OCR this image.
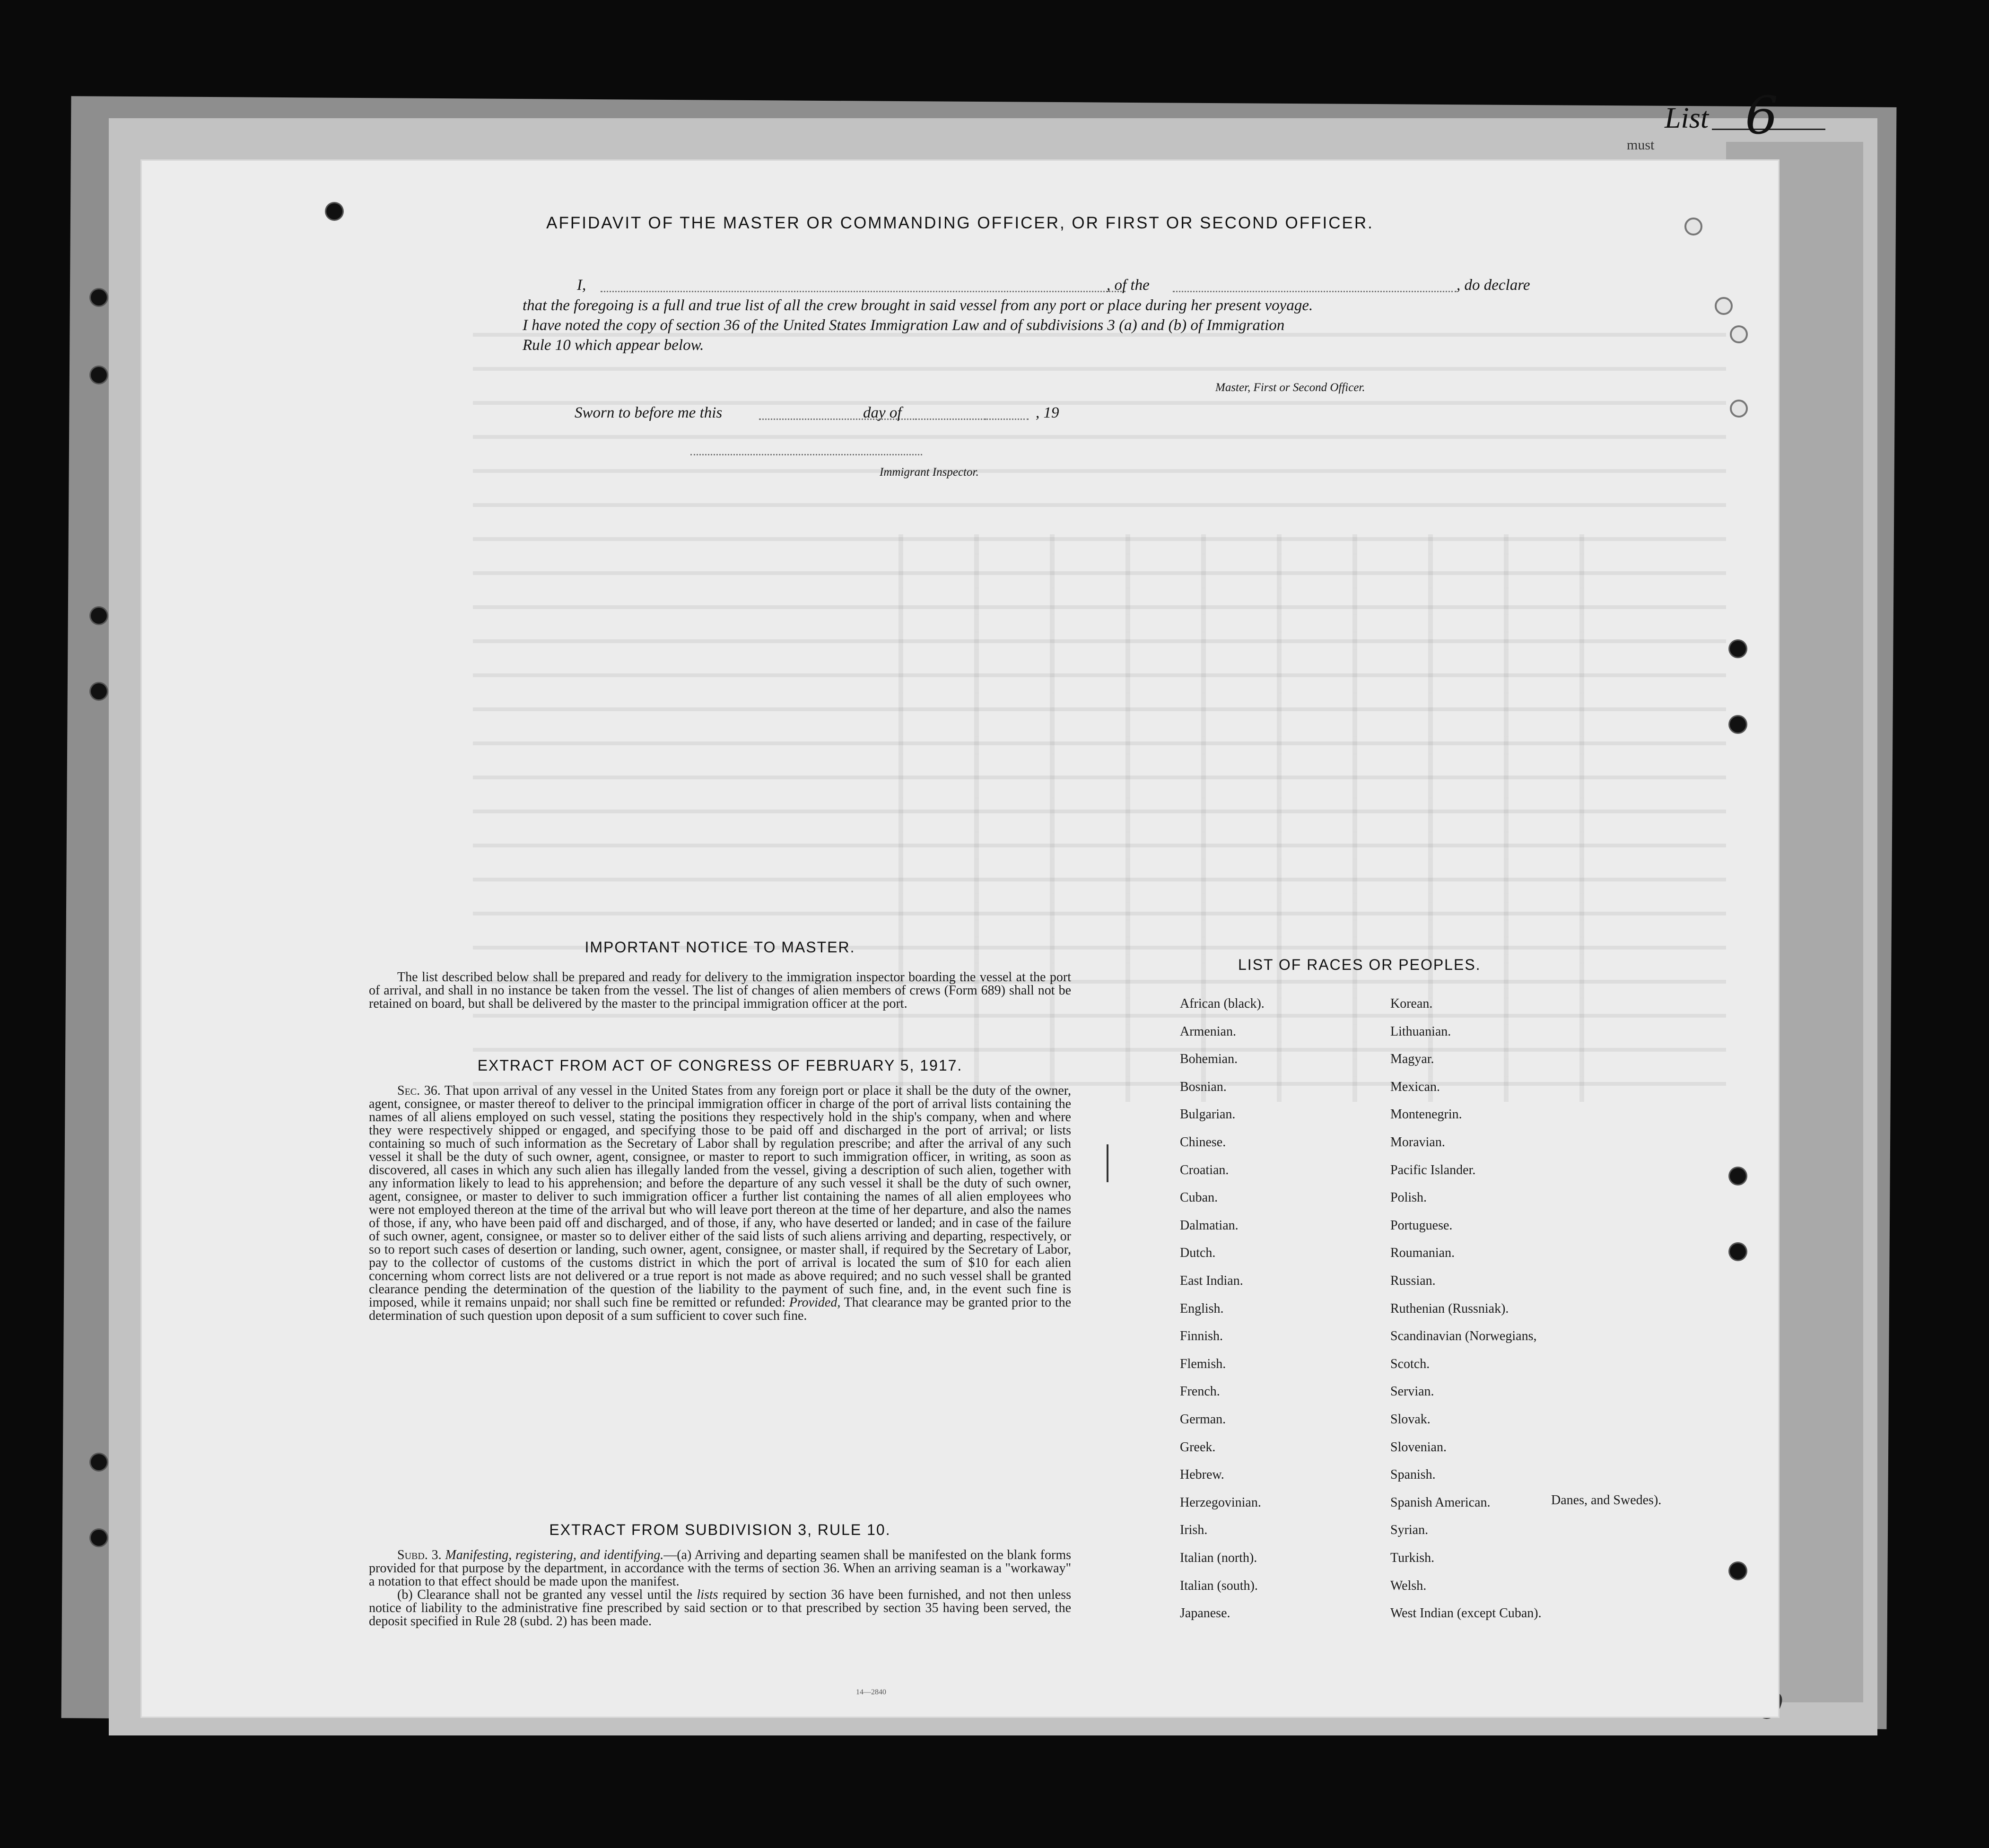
List 6
must
AFFIDAVIT OF THE MASTER OR COMMANDING OFFICER, OR FIRST OR SECOND OFFICER.
I,	, of the	, do declare
that the foregoing is a full and true list of all the crew brought in said vessel from any port or place during her present voyage.
I have noted the copy of section 36 of the United States Immigration Law and of subdivisions 3 (a) and (b) of Immigration
Rule 10 which appear below.
Master, First or Second Officer.
Sworn to before me this	day of	, 19
Immigrant Inspector.
IMPORTANT NOTICE TO MASTER.

The list described below shall be prepared and ready for delivery to the immigration inspector boarding the vessel at the port of arrival, and shall in no instance be taken from the vessel. The list of changes of alien members of crews (Form 689) shall not be retained on board, but shall be delivered by the master to the principal immigration officer at the port.

EXTRACT FROM ACT OF CONGRESS OF FEBRUARY 5, 1917.

Sec. 36. That upon arrival of any vessel in the United States from any foreign port or place it shall be the duty of the owner, agent, consignee, or master thereof to deliver to the principal immigration officer in charge of the port of arrival lists containing the names of all aliens employed on such vessel, stating the positions they respectively hold in the ship's company, when and where they were respectively shipped or engaged, and specifying those to be paid off and discharged in the port of arrival; or lists containing so much of such information as the Secretary of Labor shall by regulation prescribe; and after the arrival of any such vessel it shall be the duty of such owner, agent, consignee, or master to report to such immigration officer, in writing, as soon as discovered, all cases in which any such alien has illegally landed from the vessel, giving a description of such alien, together with any information likely to lead to his apprehension; and before the departure of any such vessel it shall be the duty of such owner, agent, consignee, or master to deliver to such immigration officer a further list containing the names of all alien employees who were not employed thereon at the time of the arrival but who will leave port thereon at the time of her departure, and also the names of those, if any, who have been paid off and discharged, and of those, if any, who have deserted or landed; and in case of the failure of such owner, agent, consignee, or master so to deliver either of the said lists of such aliens arriving and departing, respectively, or so to report such cases of desertion or landing, such owner, agent, consignee, or master shall, if required by the Secretary of Labor, pay to the collector of customs of the customs district in which the port of arrival is located the sum of $10 for each alien concerning whom correct lists are not delivered or a true report is not made as above required; and no such vessel shall be granted clearance pending the determination of the question of the liability to the payment of such fine, and, in the event such fine is imposed, while it remains unpaid; nor shall such fine be remitted or refunded: Provided, That clearance may be granted prior to the determination of such question upon deposit of a sum sufficient to cover such fine.

EXTRACT FROM SUBDIVISION 3, RULE 10.

Subd. 3. Manifesting, registering, and identifying.—(a) Arriving and departing seamen shall be manifested on the blank forms provided for that purpose by the department, in accordance with the terms of section 36. When an arriving seaman is a "workaway" a notation to that effect should be made upon the manifest.

(b) Clearance shall not be granted any vessel until the lists required by section 36 have been furnished, and not then unless notice of liability to the administrative fine prescribed by said section or to that prescribed by section 35 having been served, the deposit specified in Rule 28 (subd. 2) has been made.

14—2840
LIST OF RACES OR PEOPLES.
African (black).
Armenian.
Bohemian.
Bosnian.
Bulgarian.
Chinese.
Croatian.
Cuban.
Dalmatian.
Dutch.
East Indian.
English.
Finnish.
Flemish.
French.
German.
Greek.
Hebrew.
Herzegovinian.
Irish.
Italian (north).
Italian (south).
Japanese.
Korean.
Lithuanian.
Magyar.
Mexican.
Montenegrin.
Moravian.
Pacific Islander.
Polish.
Portuguese.
Roumanian.
Russian.
Ruthenian (Russniak).
Scandinavian (Norwegians,
Scotch.
Servian.
Slovak.
Slovenian.
Spanish.
Spanish American.
Syrian.
Turkish.
Welsh.
West Indian (except Cuban).
Danes, and Swedes).
